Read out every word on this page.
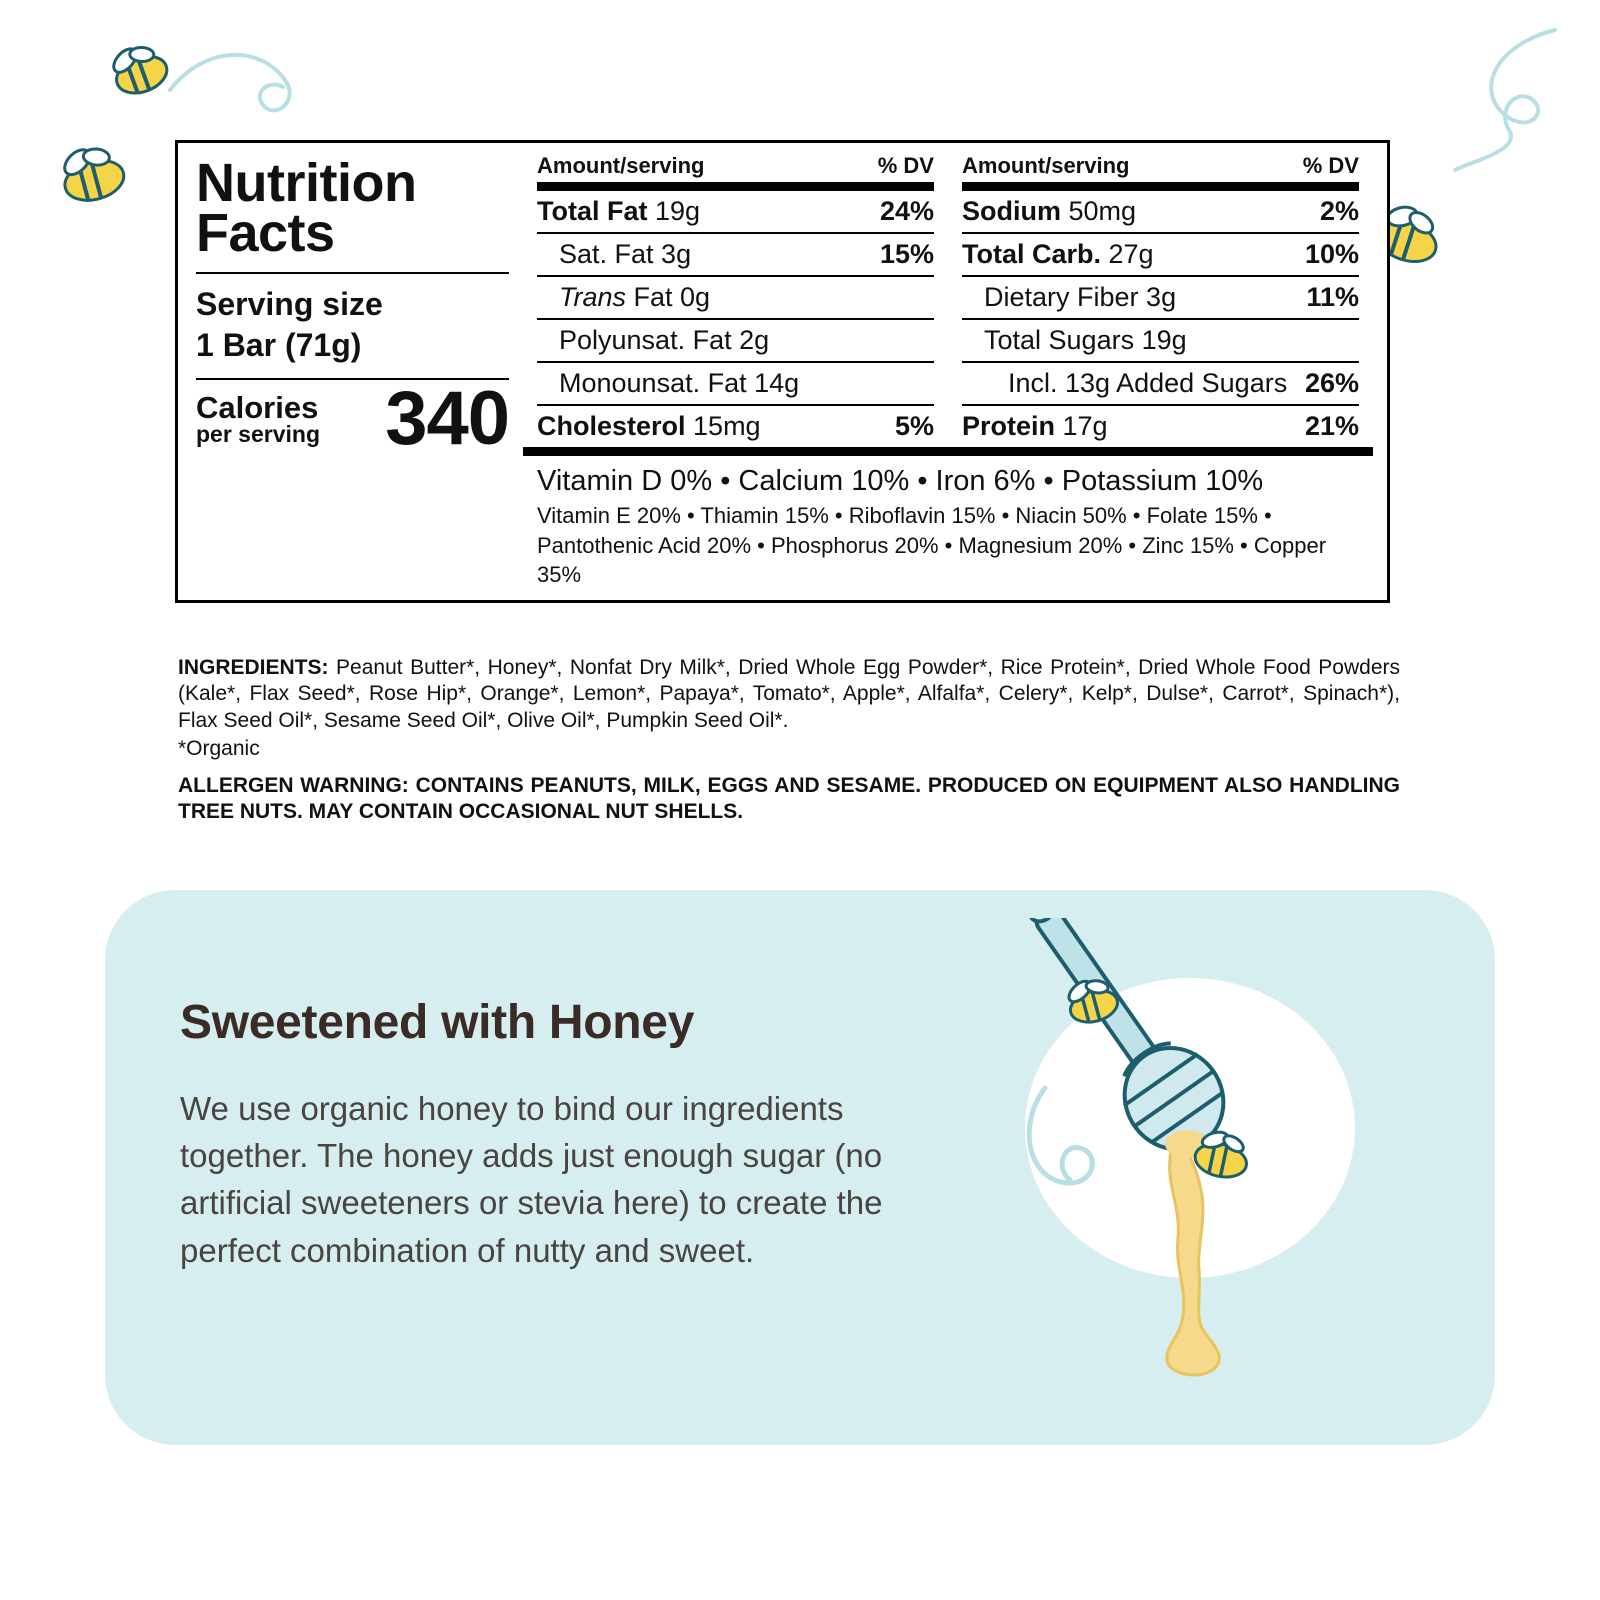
Nutrition
Facts
Serving size
1 Bar (71g)
Calories
per serving 340
Amount/serving	% DV
Total Fat 19g	24%
Sat. Fat 3g	15%
Trans Fat 0g
Polyunsat. Fat 2g
Monounsat. Fat 14g
Cholesterol 15mg	5%
Amount/serving	% DV
Sodium 50mg	2%
Total Carb. 27g	10%
Dietary Fiber 3g	11%
Total Sugars 19g
Incl. 13g Added Sugars 26%
Protein 17g	21%
Vitamin D 0% • Calcium 10% • Iron 6% • Potassium 10%
Vitamin E 20% • Thiamin 15% • Riboflavin 15% • Niacin 50% • Folate 15% • Pantothenic Acid 20% • Phosphorus 20% • Magnesium 20% • Zinc 15% • Copper 35%
INGREDIENTS: Peanut Butter*, Honey*, Nonfat Dry Milk*, Dried Whole Egg Powder*, Rice Protein*, Dried Whole Food Powders (Kale*, Flax Seed*, Rose Hip*, Orange*, Lemon*, Papaya*, Tomato*, Apple*, Alfalfa*, Celery*, Kelp*, Dulse*, Carrot*, Spinach*), Flax Seed Oil*, Sesame Seed Oil*, Olive Oil*, Pumpkin Seed Oil*.
*Organic
ALLERGEN WARNING: CONTAINS PEANUTS, MILK, EGGS AND SESAME. PRODUCED ON EQUIPMENT ALSO HANDLING TREE NUTS. MAY CONTAIN OCCASIONAL NUT SHELLS.
Sweetened with Honey
We use organic honey to bind our ingredients together. The honey adds just enough sugar (no artificial sweeteners or stevia here) to create the perfect combination of nutty and sweet.
